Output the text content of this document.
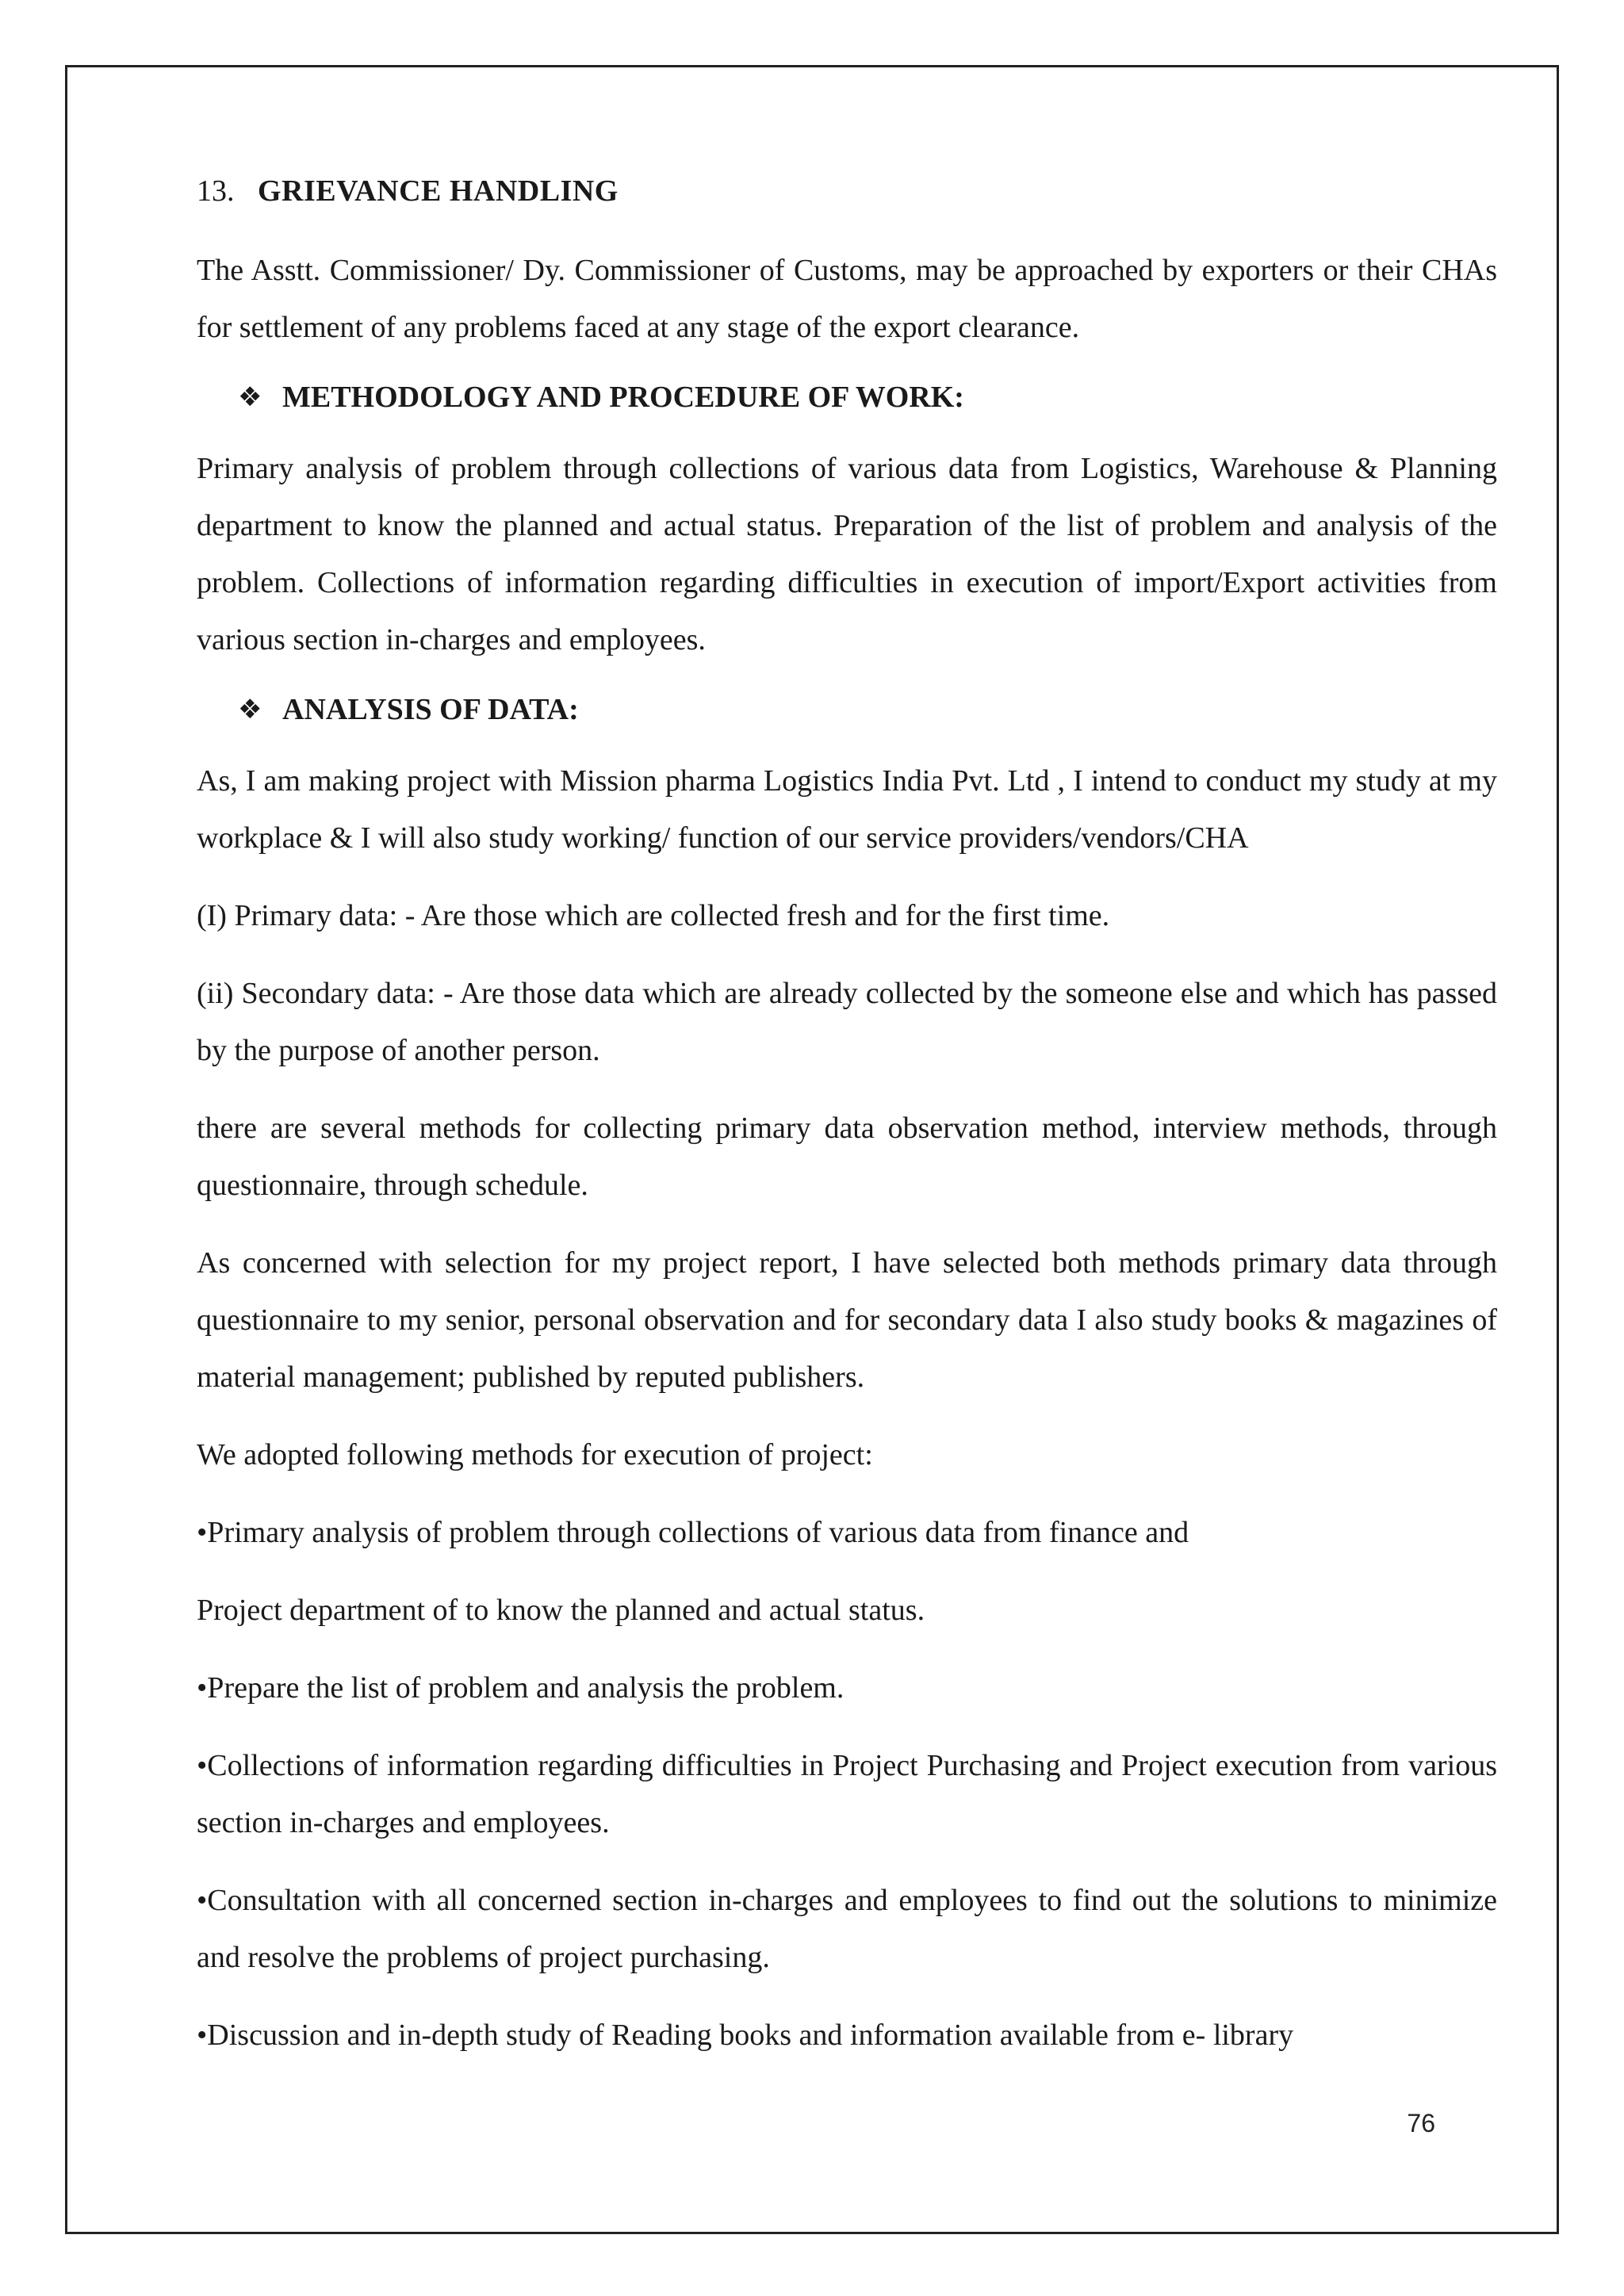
13. GRIEVANCE HANDLING

The Asstt. Commissioner/ Dy. Commissioner of Customs, may be approached by exporters or their CHAs for settlement of any problems faced at any stage of the export clearance.

❖ METHODOLOGY AND PROCEDURE OF WORK:

Primary analysis of problem through collections of various data from Logistics, Warehouse & Planning department to know the planned and actual status. Preparation of the list of problem and analysis of the problem. Collections of information regarding difficulties in execution of import/Export activities from various section in-charges and employees.

❖ ANALYSIS OF DATA:

As, I am making project with Mission pharma Logistics India Pvt. Ltd , I intend to conduct my study at my workplace & I will also study working/ function of our service providers/vendors/CHA

(I) Primary data: - Are those which are collected fresh and for the first time.

(ii) Secondary data: - Are those data which are already collected by the someone else and which has passed by the purpose of another person.

there are several methods for collecting primary data observation method, interview methods, through questionnaire, through schedule.

As concerned with selection for my project report, I have selected both methods primary data through questionnaire to my senior, personal observation and for secondary data I also study books & magazines of material management; published by reputed publishers.

We adopted following methods for execution of project:

•Primary analysis of problem through collections of various data from finance and

Project department of to know the planned and actual status.

•Prepare the list of problem and analysis the problem.

•Collections of information regarding difficulties in Project Purchasing and Project execution from various section in-charges and employees.

•Consultation with all concerned section in-charges and employees to find out the solutions to minimize and resolve the problems of project purchasing.

•Discussion and in-depth study of Reading books and information available from e- library

76
